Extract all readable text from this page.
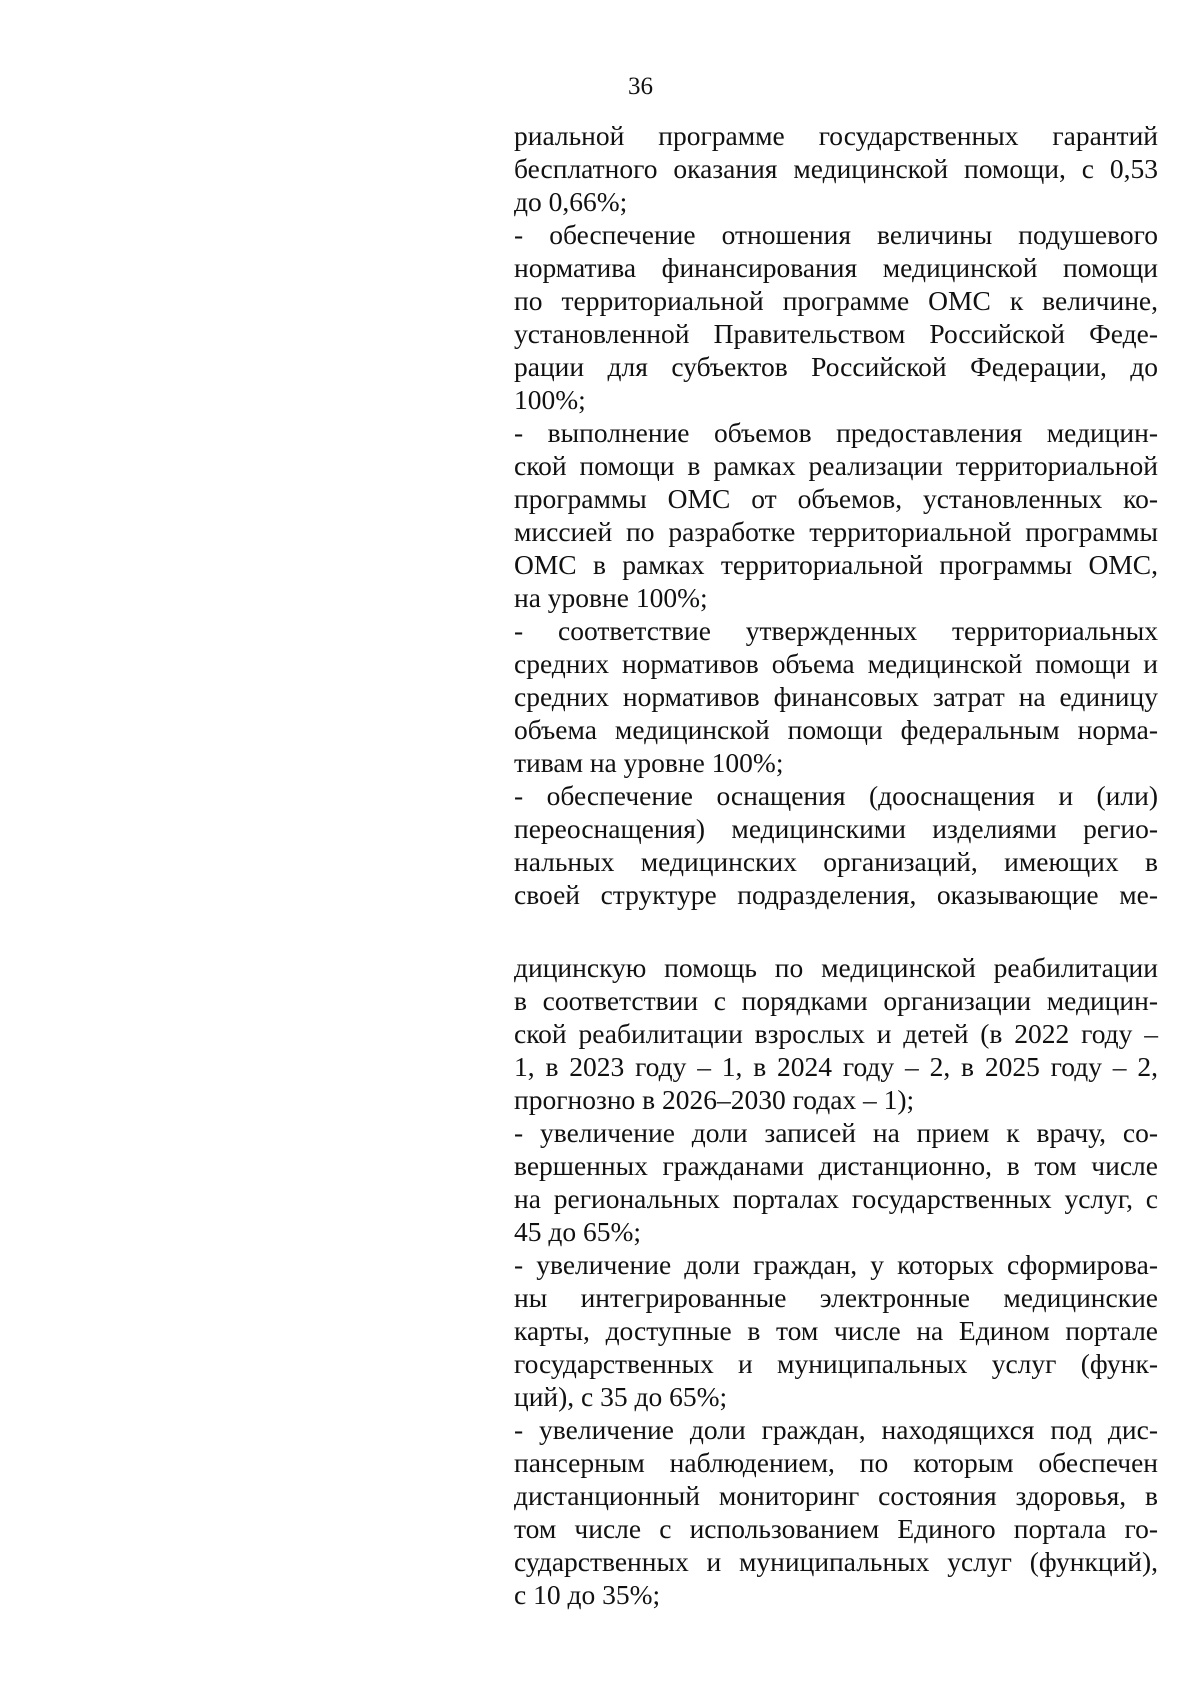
36
риальной программе государственных гарантий
бесплатного оказания медицинской помощи, с 0,53
до 0,66%;
- обеспечение отношения величины подушевого
норматива финансирования медицинской помощи
по территориальной программе ОМС к величине,
установленной Правительством Российской Феде-
рации для субъектов Российской Федерации, до
100%;
- выполнение объемов предоставления медицин-
ской помощи в рамках реализации территориальной
программы ОМС от объемов, установленных ко-
миссией по разработке территориальной программы
ОМС в рамках территориальной программы ОМС,
на уровне 100%;
- соответствие утвержденных территориальных
средних нормативов объема медицинской помощи и
средних нормативов финансовых затрат на единицу
объема медицинской помощи федеральным норма-
тивам на уровне 100%;
- обеспечение оснащения (дооснащения и (или)
переоснащения) медицинскими изделиями регио-
нальных медицинских организаций, имеющих в
своей структуре подразделения, оказывающие ме-
дицинскую помощь по медицинской реабилитации
в соответствии с порядками организации медицин-
ской реабилитации взрослых и детей (в 2022 году –
1, в 2023 году – 1, в 2024 году – 2, в 2025 году – 2,
прогнозно в 2026–2030 годах – 1);
- увеличение доли записей на прием к врачу, со-
вершенных гражданами дистанционно, в том числе
на региональных порталах государственных услуг, с
45 до 65%;
- увеличение доли граждан, у которых сформирова-
ны интегрированные электронные медицинские
карты, доступные в том числе на Едином портале
государственных и муниципальных услуг (функ-
ций), с 35 до 65%;
- увеличение доли граждан, находящихся под дис-
пансерным наблюдением, по которым обеспечен
дистанционный мониторинг состояния здоровья, в
том числе с использованием Единого портала го-
сударственных и муниципальных услуг (функций),
с 10 до 35%;
